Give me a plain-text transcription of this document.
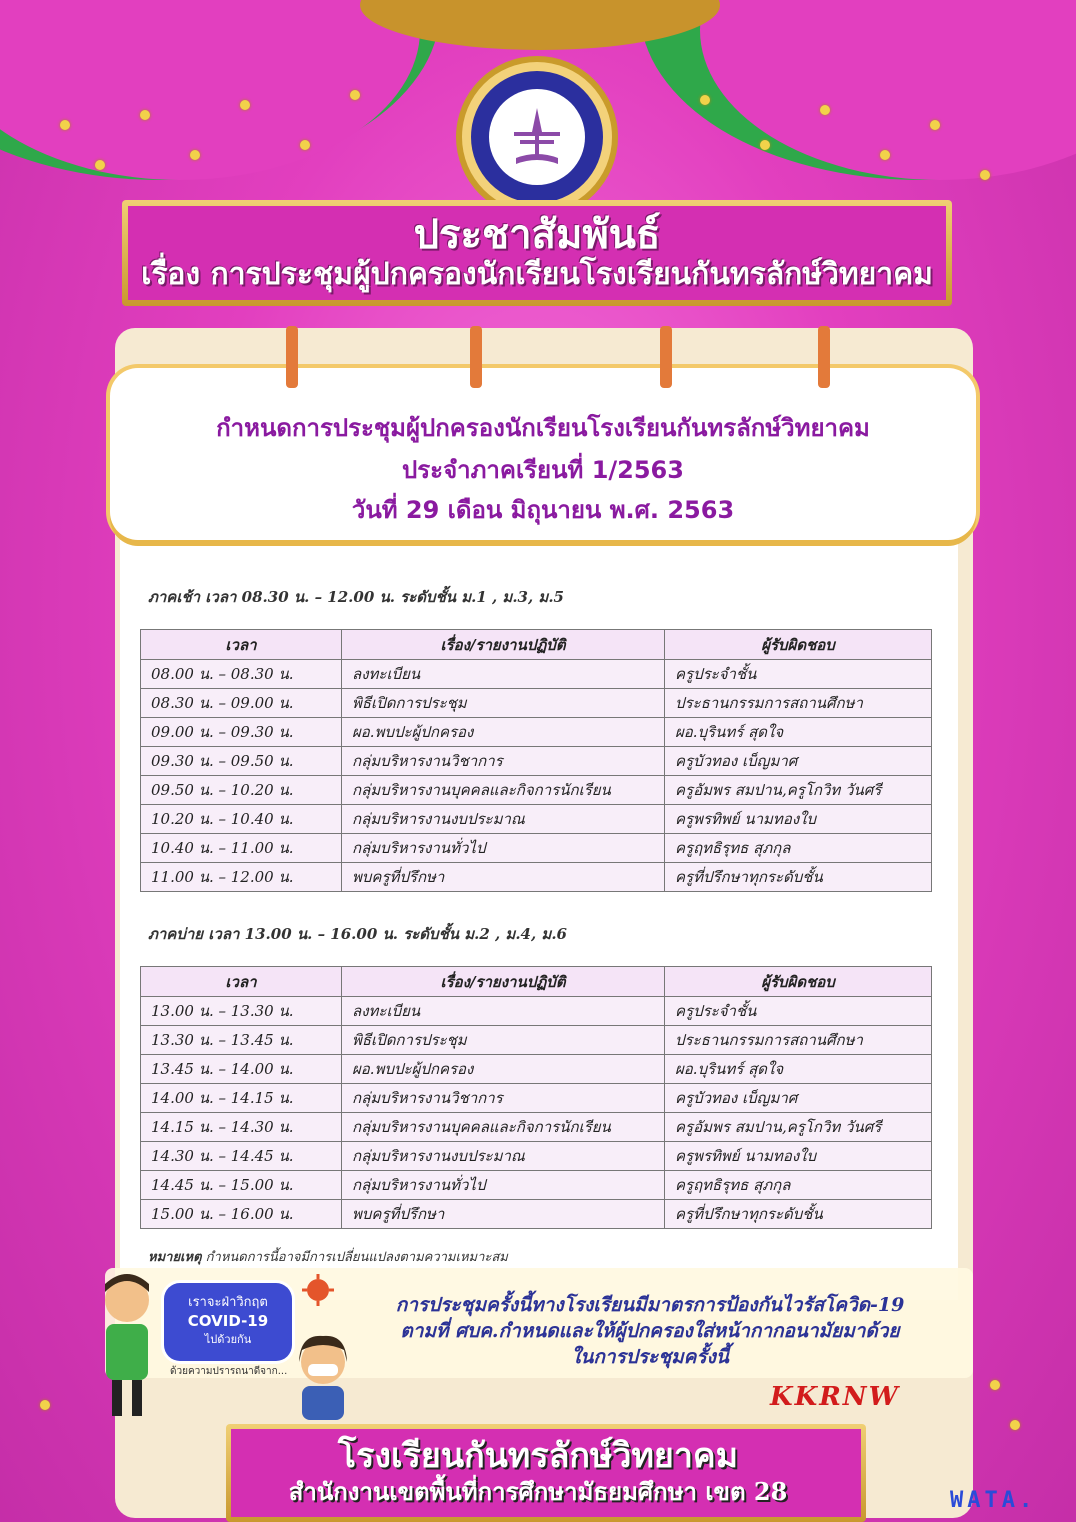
ประชาสัมพันธ์
เรื่อง การประชุมผู้ปกครองนักเรียนโรงเรียนกันทรลักษ์วิทยาคม
กำหนดการประชุมผู้ปกครองนักเรียนโรงเรียนกันทรลักษ์วิทยาคม
ประจำภาคเรียนที่ 1/2563
วันที่ 29 เดือน มิถุนายน พ.ศ. 2563
ภาคเช้า เวลา 08.30 น. – 12.00 น. ระดับชั้น ม.1 , ม.3, ม.5
เวลา	เรื่อง/รายงานปฏิบัติ	ผู้รับผิดชอบ
08.00 น. – 08.30 น.	ลงทะเบียน	ครูประจำชั้น
08.30 น. – 09.00 น.	พิธีเปิดการประชุม	ประธานกรรมการสถานศึกษา
09.00 น. – 09.30 น.	ผอ.พบปะผู้ปกครอง	ผอ.บุรินทร์ สุดใจ
09.30 น. – 09.50 น.	กลุ่มบริหารงานวิชาการ	ครูบัวทอง เบ็ญมาศ
09.50 น. – 10.20 น.	กลุ่มบริหารงานบุคคลและกิจการนักเรียน	ครูอัมพร สมปาน,ครูโกวิท วันศรี
10.20 น. – 10.40 น.	กลุ่มบริหารงานงบประมาณ	ครูพรทิพย์ นามทองใบ
10.40 น. – 11.00 น.	กลุ่มบริหารงานทั่วไป	ครูฤทธิรุทธ สุภกุล
11.00 น. – 12.00 น.	พบครูที่ปรึกษา	ครูที่ปรึกษาทุกระดับชั้น
ภาคบ่าย เวลา 13.00 น. – 16.00 น. ระดับชั้น ม.2 , ม.4, ม.6
เวลา	เรื่อง/รายงานปฏิบัติ	ผู้รับผิดชอบ
13.00 น. – 13.30 น.	ลงทะเบียน	ครูประจำชั้น
13.30 น. – 13.45 น.	พิธีเปิดการประชุม	ประธานกรรมการสถานศึกษา
13.45 น. – 14.00 น.	ผอ.พบปะผู้ปกครอง	ผอ.บุรินทร์ สุดใจ
14.00 น. – 14.15 น.	กลุ่มบริหารงานวิชาการ	ครูบัวทอง เบ็ญมาศ
14.15 น. – 14.30 น.	กลุ่มบริหารงานบุคคลและกิจการนักเรียน	ครูอัมพร สมปาน,ครูโกวิท วันศรี
14.30 น. – 14.45 น.	กลุ่มบริหารงานงบประมาณ	ครูพรทิพย์ นามทองใบ
14.45 น. – 15.00 น.	กลุ่มบริหารงานทั่วไป	ครูฤทธิรุทธ สุภกุล
15.00 น. – 16.00 น.	พบครูที่ปรึกษา	ครูที่ปรึกษาทุกระดับชั้น
หมายเหตุ กำหนดการนี้อาจมีการเปลี่ยนแปลงตามความเหมาะสม
เราจะฝ่าวิกฤต
COVID-19
ไปด้วยกัน
ด้วยความปรารถนาดีจาก...
การประชุมครั้งนี้ทางโรงเรียนมีมาตรการป้องกันไวรัสโควิด-19
ตามที่ ศบค.กำหนดและให้ผู้ปกครองใส่หน้ากากอนามัยมาด้วย
ในการประชุมครั้งนี้
KKRNW
โรงเรียนกันทรลักษ์วิทยาคม
สำนักงานเขตพื้นที่การศึกษามัธยมศึกษา เขต 28	WATA.
